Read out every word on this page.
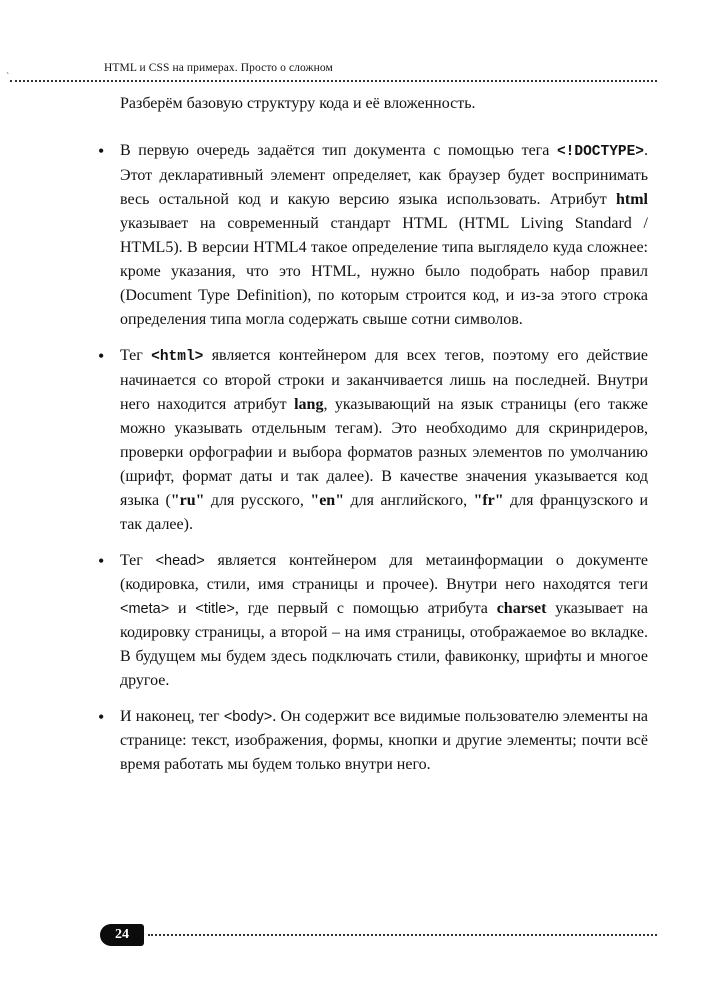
ˋ
HTML и CSS на примерах. Просто о сложном

Разберём базовую структуру кода и её вложенность.

• В первую очередь задаётся тип документа с помощью тега <!DOCTYPE>. Этот декларативный элемент определяет, как браузер будет воспринимать весь остальной код и какую версию языка использовать. Атрибут html указывает на современный стандарт HTML (HTML Living Standard / HTML5). В версии HTML4 такое определение типа выглядело куда сложнее: кроме указания, что это HTML, нужно было подобрать набор правил (Document Type Definition), по которым строится код, и из-за этого строка определения типа могла содержать свыше сотни символов.
• Тег <html> является контейнером для всех тегов, поэтому его действие начинается со второй строки и заканчивается лишь на последней. Внутри него находится атрибут lang, указывающий на язык страницы (его также можно указывать отдельным тегам). Это необходимо для скринридеров, проверки орфографии и выбора форматов разных элементов по умолчанию (шрифт, формат даты и так далее). В качестве значения указывается код языка ("ru" для русского, "en" для английского, "fr" для французского и так далее).
• Тег <head> является контейнером для метаинформации о документе (кодировка, стили, имя страницы и прочее). Внутри него находятся теги <meta> и <title>, где первый с помощью атрибута charset указывает на кодировку страницы, а второй – на имя страницы, отображаемое во вкладке. В будущем мы будем здесь подключать стили, фавиконку, шрифты и многое другое.
• И наконец, тег <body>. Он содержит все видимые пользователю элементы на странице: текст, изображения, формы, кнопки и другие элементы; почти всё время работать мы будем только внутри него.
24
